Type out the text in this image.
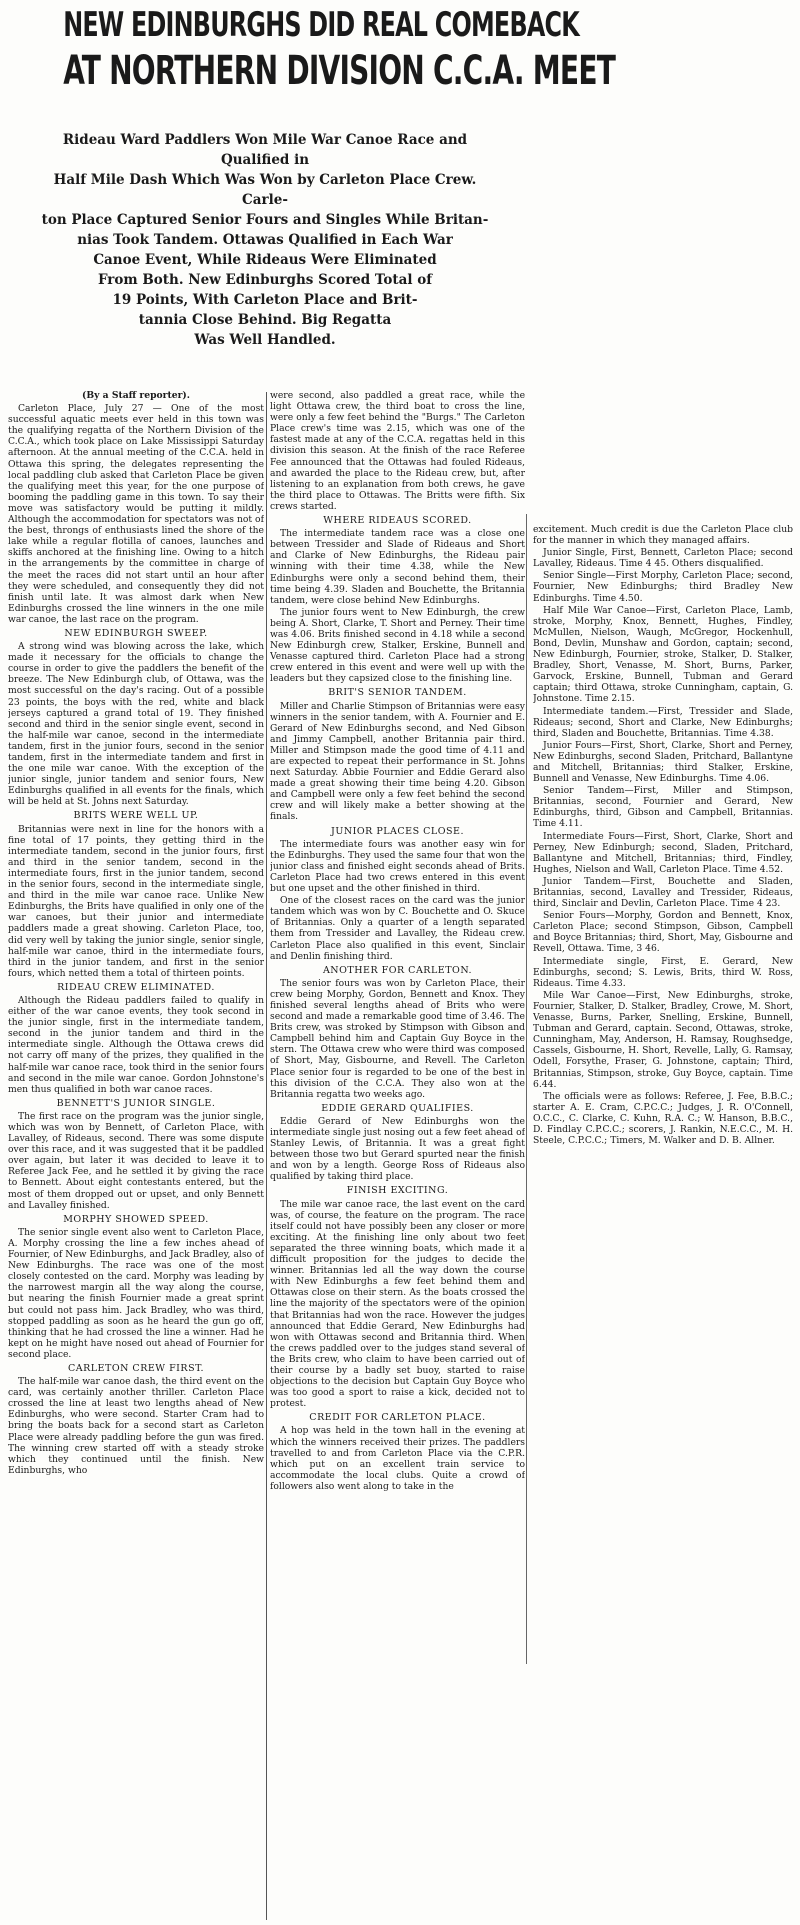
NEW EDINBURGHS DID REAL COMEBACK
AT NORTHERN DIVISION C.C.A. MEET
Rideau Ward Paddlers Won Mile War Canoe Race and Qualified in
Half Mile Dash Which Was Won by Carleton Place Crew. Carle-
ton Place Captured Senior Fours and Singles While Britan-
nias Took Tandem. Ottawas Qualified in Each War
Canoe Event, While Rideaus Were Eliminated
From Both. New Edinburghs Scored Total of
19 Points, With Carleton Place and Brit-
tannia Close Behind. Big Regatta
Was Well Handled.

(By a Staff reporter).

Carleton Place, July 27 — One of the most successful aquatic meets ever held in this town was the qualifying regatta of the Northern Division of the C.C.A., which took place on Lake Mississippi Saturday afternoon. At the annual meeting of the C.C.A. held in Ottawa this spring, the delegates representing the local paddling club asked that Carleton Place be given the qualifying meet this year, for the one purpose of booming the paddling game in this town. To say their move was satisfactory would be putting it mildly. Although the accommodation for spectators was not of the best, throngs of enthusiasts lined the shore of the lake while a regular flotilla of canoes, launches and skiffs anchored at the finishing line. Owing to a hitch in the arrangements by the committee in charge of the meet the races did not start until an hour after they were scheduled, and consequently they did not finish until late. It was almost dark when New Edinburghs crossed the line winners in the one mile war canoe, the last race on the program.

NEW EDINBURGH SWEEP.

A strong wind was blowing across the lake, which made it necessary for the officials to change the course in order to give the paddlers the benefit of the breeze. The New Edinburgh club, of Ottawa, was the most successful on the day's racing. Out of a possible 23 points, the boys with the red, white and black jerseys captured a grand total of 19. They finished second and third in the senior single event, second in the half-mile war canoe, second in the intermediate tandem, first in the junior fours, second in the senior tandem, first in the intermediate tandem and first in the one mile war canoe. With the exception of the junior single, junior tandem and senior fours, New Edinburghs qualified in all events for the finals, which will be held at St. Johns next Saturday.

BRITS WERE WELL UP.

Britannias were next in line for the honors with a fine total of 17 points, they getting third in the intermediate tandem, second in the junior fours, first and third in the senior tandem, second in the intermediate fours, first in the junior tandem, second in the senior fours, second in the intermediate single, and third in the mile war canoe race. Unlike New Edinburghs, the Brits have qualified in only one of the war canoes, but their junior and intermediate paddlers made a great showing. Carleton Place, too, did very well by taking the junior single, senior single, half-mile war canoe, third in the intermediate fours, third in the junior tandem, and first in the senior fours, which netted them a total of thirteen points.

RIDEAU CREW ELIMINATED.

Although the Rideau paddlers failed to qualify in either of the war canoe events, they took second in the junior single, first in the intermediate tandem, second in the junior tandem and third in the intermediate single. Although the Ottawa crews did not carry off many of the prizes, they qualified in the half-mile war canoe race, took third in the senior fours and second in the mile war canoe. Gordon Johnstone's men thus qualified in both war canoe races.

BENNETT'S JUNIOR SINGLE.

The first race on the program was the junior single, which was won by Bennett, of Carleton Place, with Lavalley, of Rideaus, second. There was some dispute over this race, and it was suggested that it be paddled over again, but later it was decided to leave it to Referee Jack Fee, and he settled it by giving the race to Bennett. About eight contestants entered, but the most of them dropped out or upset, and only Bennett and Lavalley finished.

MORPHY SHOWED SPEED.

The senior single event also went to Carleton Place, A. Morphy crossing the line a few inches ahead of Fournier, of New Edinburghs, and Jack Bradley, also of New Edinburghs. The race was one of the most closely contested on the card. Morphy was leading by the narrowest margin all the way along the course, but nearing the finish Fournier made a great sprint but could not pass him. Jack Bradley, who was third, stopped paddling as soon as he heard the gun go off, thinking that he had crossed the line a winner. Had he kept on he might have nosed out ahead of Fournier for second place.

CARLETON CREW FIRST.

The half-mile war canoe dash, the third event on the card, was certainly another thriller. Carleton Place crossed the line at least two lengths ahead of New Edinburghs, who were second. Starter Cram had to bring the boats back for a second start as Carleton Place were already paddling before the gun was fired. The winning crew started off with a steady stroke which they continued until the finish. New Edinburghs, who

were second, also paddled a great race, while the light Ottawa crew, the third boat to cross the line, were only a few feet behind the "Burgs." The Carleton Place crew's time was 2.15, which was one of the fastest made at any of the C.C.A. regattas held in this division this season. At the finish of the race Referee Fee announced that the Ottawas had fouled Rideaus, and awarded the place to the Rideau crew, but, after listening to an explanation from both crews, he gave the third place to Ottawas. The Britts were fifth. Six crews started.

WHERE RIDEAUS SCORED.

The intermediate tandem race was a close one between Tressider and Slade of Rideaus and Short and Clarke of New Edinburghs, the Rideau pair winning with their time 4.38, while the New Edinburghs were only a second behind them, their time being 4.39. Sladen and Bouchette, the Britannia tandem, were close behind New Edinburghs.

The junior fours went to New Edinburgh, the crew being A. Short, Clarke, T. Short and Perney. Their time was 4.06. Brits finished second in 4.18 while a second New Edinburgh crew, Stalker, Erskine, Bunnell and Venasse captured third. Carleton Place had a strong crew entered in this event and were well up with the leaders but they capsized close to the finishing line.

BRIT'S SENIOR TANDEM.

Miller and Charlie Stimpson of Britannias were easy winners in the senior tandem, with A. Fournier and E. Gerard of New Edinburghs second, and Ned Gibson and Jimmy Campbell, another Britannia pair third. Miller and Stimpson made the good time of 4.11 and are expected to repeat their performance in St. Johns next Saturday. Abbie Fournier and Eddie Gerard also made a great showing their time being 4.20. Gibson and Campbell were only a few feet behind the second crew and will likely make a better showing at the finals.

JUNIOR PLACES CLOSE.

The intermediate fours was another easy win for the Edinburghs. They used the same four that won the junior class and finished eight seconds ahead of Brits. Carleton Place had two crews entered in this event but one upset and the other finished in third.

One of the closest races on the card was the junior tandem which was won by C. Bouchette and O. Skuce of Britannias. Only a quarter of a length separated them from Tressider and Lavalley, the Rideau crew. Carleton Place also qualified in this event, Sinclair and Denlin finishing third.

ANOTHER FOR CARLETON.

The senior fours was won by Carleton Place, their crew being Morphy, Gordon, Bennett and Knox. They finished several lengths ahead of Brits who were second and made a remarkable good time of 3.46. The Brits crew, was stroked by Stimpson with Gibson and Campbell behind him and Captain Guy Boyce in the stern. The Ottawa crew who were third was composed of Short, May, Gisbourne, and Revell. The Carleton Place senior four is regarded to be one of the best in this division of the C.C.A. They also won at the Britannia regatta two weeks ago.

EDDIE GERARD QUALIFIES.

Eddie Gerard of New Edinburghs won the intermediate single just nosing out a few feet ahead of Stanley Lewis, of Britannia. It was a great fight between those two but Gerard spurted near the finish and won by a length. George Ross of Rideaus also qualified by taking third place.

FINISH EXCITING.

The mile war canoe race, the last event on the card was, of course, the feature on the program. The race itself could not have possibly been any closer or more exciting. At the finishing line only about two feet separated the three winning boats, which made it a difficult proposition for the judges to decide the winner. Britannias led all the way down the course with New Edinburghs a few feet behind them and Ottawas close on their stern. As the boats crossed the line the majority of the spectators were of the opinion that Britannias had won the race. However the judges announced that Eddie Gerard, New Edinburghs had won with Ottawas second and Britannia third. When the crews paddled over to the judges stand several of the Brits crew, who claim to have been carried out of their course by a badly set buoy, started to raise objections to the decision but Captain Guy Boyce who was too good a sport to raise a kick, decided not to protest.

CREDIT FOR CARLETON PLACE.

A hop was held in the town hall in the evening at which the winners received their prizes. The paddlers travelled to and from Carleton Place via the C.P.R. which put on an excellent train service to accommodate the local clubs. Quite a crowd of followers also went along to take in the

excitement. Much credit is due the Carleton Place club for the manner in which they managed affairs.

Junior Single, First, Bennett, Carleton Place; second Lavalley, Rideaus. Time 4 45. Others disqualified.

Senior Single—First Morphy, Carleton Place; second, Fournier, New Edinburghs; third Bradley New Edinburghs. Time 4.50.

Half Mile War Canoe—First, Carleton Place, Lamb, stroke, Morphy, Knox, Bennett, Hughes, Findley, McMullen, Nielson, Waugh, McGregor, Hockenhull, Bond, Devlin, Munshaw and Gordon, captain; second, New Edinburgh, Fournier, stroke, Stalker, D. Stalker, Bradley, Short, Venasse, M. Short, Burns, Parker, Garvock, Erskine, Bunnell, Tubman and Gerard captain; third Ottawa, stroke Cunningham, captain, G. Johnstone. Time 2.15.

Intermediate tandem.—First, Tressider and Slade, Rideaus; second, Short and Clarke, New Edinburghs; third, Sladen and Bouchette, Britannias. Time 4.38.

Junior Fours—First, Short, Clarke, Short and Perney, New Edinburghs, second Sladen, Pritchard, Ballantyne and Mitchell, Britannias; third Stalker, Erskine, Bunnell and Venasse, New Edinburghs. Time 4.06.

Senior Tandem—First, Miller and Stimpson, Britannias, second, Fournier and Gerard, New Edinburghs, third, Gibson and Campbell, Britannias. Time 4.11.

Intermediate Fours—First, Short, Clarke, Short and Perney, New Edinburgh; second, Sladen, Pritchard, Ballantyne and Mitchell, Britannias; third, Findley, Hughes, Nielson and Wall, Carleton Place. Time 4.52.

Junior Tandem—First, Bouchette and Sladen, Britannias, second, Lavalley and Tressider, Rideaus, third, Sinclair and Devlin, Carleton Place. Time 4 23.

Senior Fours—Morphy, Gordon and Bennett, Knox, Carleton Place; second Stimpson, Gibson, Campbell and Boyce Britannias; third, Short, May, Gisbourne and Revell, Ottawa. Time, 3 46.

Intermediate single, First, E. Gerard, New Edinburghs, second; S. Lewis, Brits, third W. Ross, Rideaus. Time 4.33.

Mile War Canoe—First, New Edinburghs, stroke, Fournier, Stalker, D. Stalker, Bradley, Crowe, M. Short, Venasse, Burns, Parker, Snelling, Erskine, Bunnell, Tubman and Gerard, captain. Second, Ottawas, stroke, Cunningham, May, Anderson, H. Ramsay, Roughsedge, Cassels, Gisbourne, H. Short, Revelle, Lally, G. Ramsay, Odell, Forsythe, Fraser, G. Johnstone, captain; Third, Britannias, Stimpson, stroke, Guy Boyce, captain. Time 6.44.

The officials were as follows: Referee, J. Fee, B.B.C.; starter A. E. Cram, C.P.C.C.; Judges, J. R. O'Connell, O.C.C., C. Clarke, C. Kuhn, R.A. C.; W. Hanson, B.B.C., D. Findlay C.P.C.C.; scorers, J. Rankin, N.E.C.C., M. H. Steele, C.P.C.C.; Timers, M. Walker and D. B. Allner.
